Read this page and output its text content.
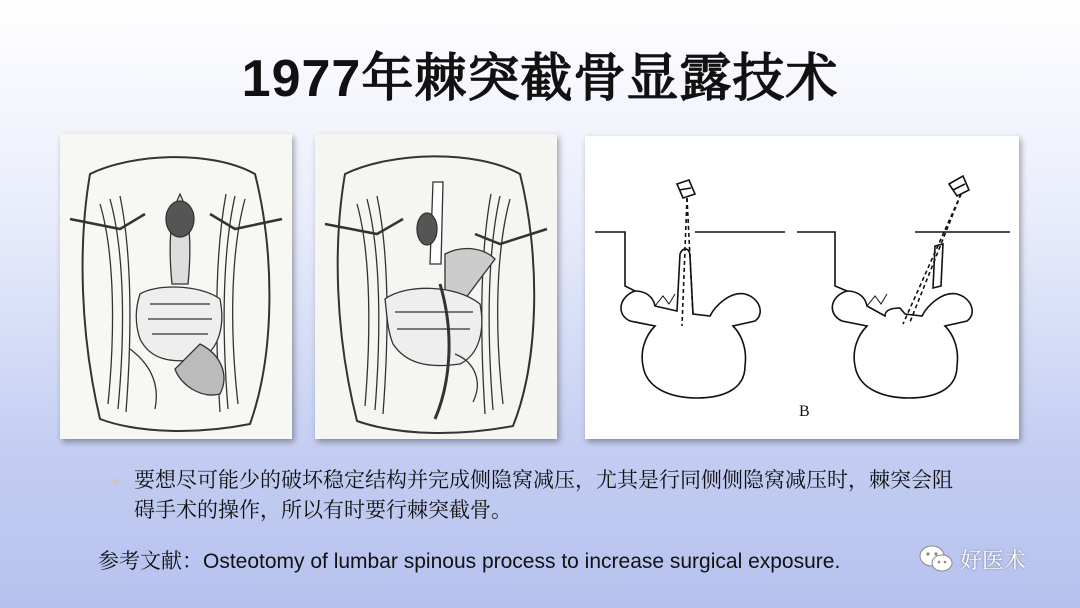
1977年棘突截骨显露技术
B
要想尽可能少的破坏稳定结构并完成侧隐窝减压，尤其是行同侧侧隐窝减压时，棘突会阻碍手术的操作，所以有时要行棘突截骨。
参考文献：Osteotomy of lumbar spinous process to increase surgical exposure.	好医术
